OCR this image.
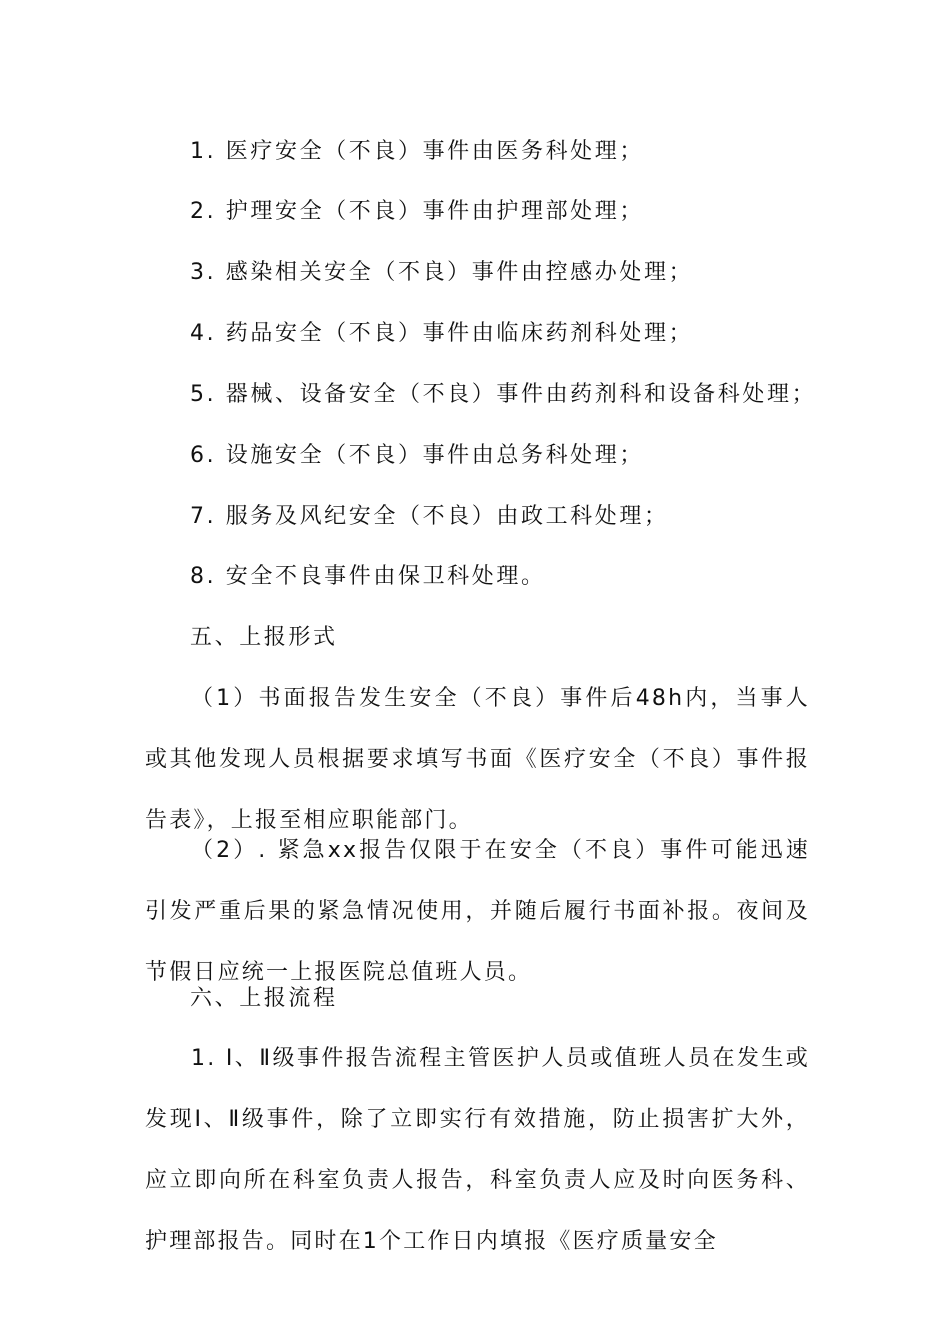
1. 医疗安全（不良）事件由医务科处理；
2. 护理安全（不良）事件由护理部处理；
3. 感染相关安全（不良）事件由控感办处理；
4. 药品安全（不良）事件由临床药剂科处理；
5. 器械、设备安全（不良）事件由药剂科和设备科处理；
6. 设施安全（不良）事件由总务科处理；
7. 服务及风纪安全（不良）由政工科处理；
8. 安全不良事件由保卫科处理。
五、上报形式
（1）书面报告发生安全（不良）事件后48h内，当事人或其他发现人员根据要求填写书面《医疗安全（不良）事件报告表》，上报至相应职能部门。
（2）. 紧急xx报告仅限于在安全（不良）事件可能迅速引发严重后果的紧急情况使用，并随后履行书面补报。夜间及节假日应统一上报医院总值班人员。
六、上报流程
1. Ⅰ、Ⅱ级事件报告流程主管医护人员或值班人员在发生或发现Ⅰ、Ⅱ级事件，除了立即实行有效措施，防止损害扩大外，应立即向所在科室负责人报告，科室负责人应及时向医务科、护理部报告。同时在1个工作日内填报《医疗质量安全
